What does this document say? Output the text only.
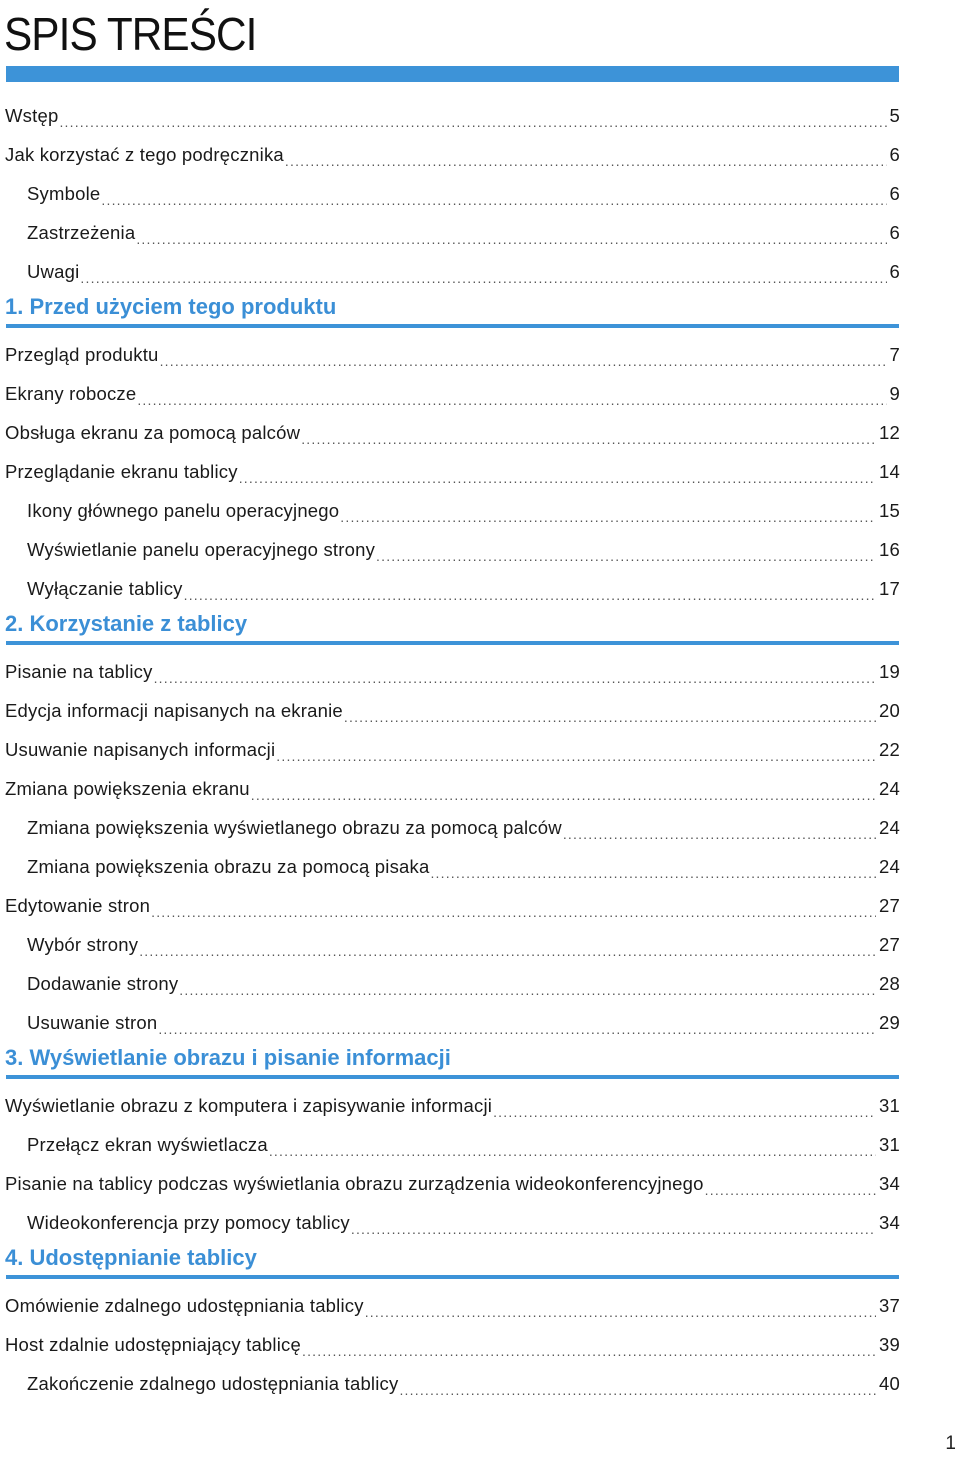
SPIS TREŚCI
Wstęp .....	5
Jak korzystać z tego podręcznika .....	6
Symbole .....	6
Zastrzeżenia .....	6
Uwagi .....	6
1. Przed użyciem tego produktu
Przegląd produktu .....	7
Ekrany robocze .....	9
Obsługa ekranu za pomocą palców .....	12
Przeglądanie ekranu tablicy .....	14
Ikony głównego panelu operacyjnego .....	15
Wyświetlanie panelu operacyjnego strony .....	16
Wyłączanie tablicy .....	17
2. Korzystanie z tablicy
Pisanie na tablicy .....	19
Edycja informacji napisanych na ekranie .....	20
Usuwanie napisanych informacji .....	22
Zmiana powiększenia ekranu .....	24
Zmiana powiększenia wyświetlanego obrazu za pomocą palców .....	24
Zmiana powiększenia obrazu za pomocą pisaka .....	24
Edytowanie stron .....	27
Wybór strony .....	27
Dodawanie strony .....	28
Usuwanie stron .....	29
3. Wyświetlanie obrazu i pisanie informacji
Wyświetlanie obrazu z komputera i zapisywanie informacji .....	31
Przełącz ekran wyświetlacza .....	31
Pisanie na tablicy podczas wyświetlania obrazu zurządzenia wideokonferencyjnego .....	34
Wideokonferencja przy pomocy tablicy .....	34
4. Udostępnianie tablicy
Omówienie zdalnego udostępniania tablicy .....	37
Host zdalnie udostępniający tablicę .....	39
Zakończenie zdalnego udostępniania tablicy .....	40
1
